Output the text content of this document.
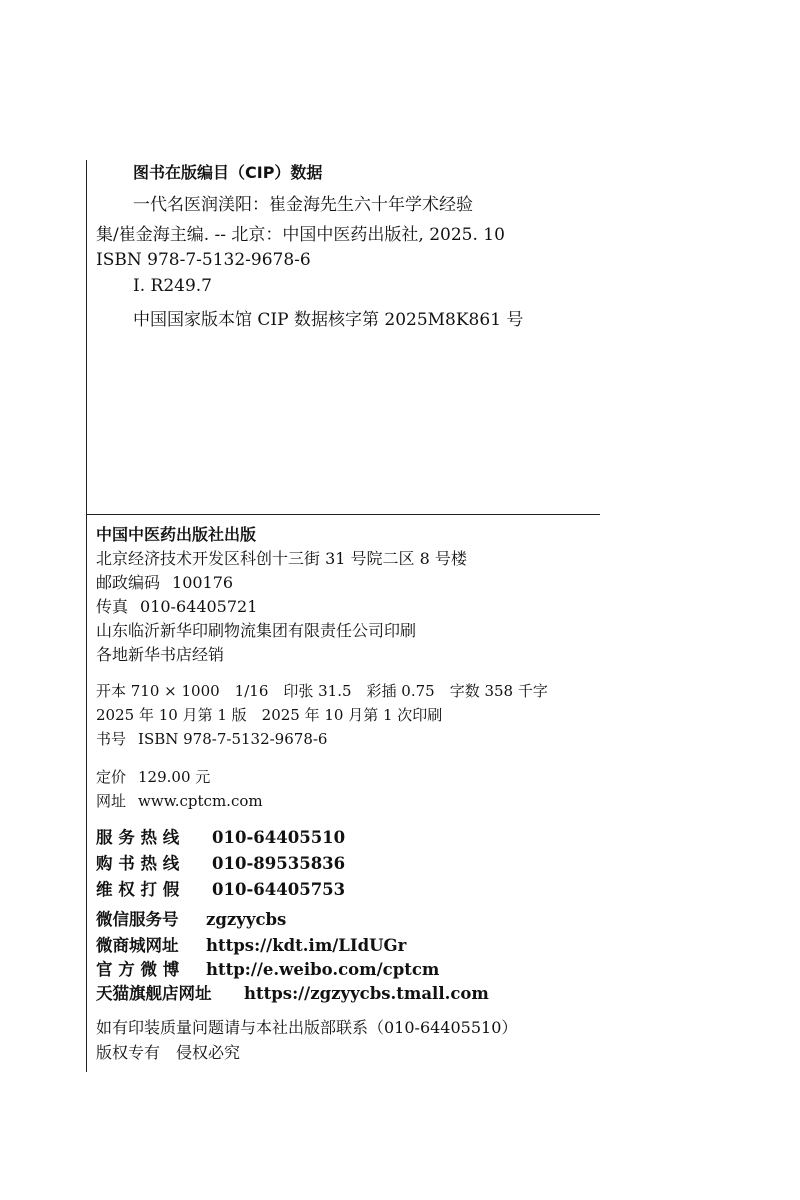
图书在版编目（CIP）数据
一代名医润渼阳：崔金海先生六十年学术经验
集/崔金海主编. -- 北京：中国中医药出版社, 2025. 10
ISBN 978-7-5132-9678-6
Ⅰ. R249.7
中国国家版本馆 CIP 数据核字第 2025M8K861 号
中国中医药出版社出版
北京经济技术开发区科创十三街 31 号院二区 8 号楼
邮政编码 100176
传真 010-64405721
山东临沂新华印刷物流集团有限责任公司印刷
各地新华书店经销
开本 710 × 1000　1/16　印张 31.5　彩插 0.75　字数 358 千字
2025 年 10 月第 1 版　2025 年 10 月第 1 次印刷
书号 ISBN 978-7-5132-9678-6
定价 129.00 元
网址 www.cptcm.com
服 务 热 线 010-64405510
购 书 热 线 010-89535836
维 权 打 假 010-64405753
微信服务号 zgzyycbs
微商城网址 https://kdt.im/LIdUGr
官 方 微 博 http://e.weibo.com/cptcm
天猫旗舰店网址 https://zgzyycbs.tmall.com
如有印装质量问题请与本社出版部联系（010-64405510）
版权专有　侵权必究
